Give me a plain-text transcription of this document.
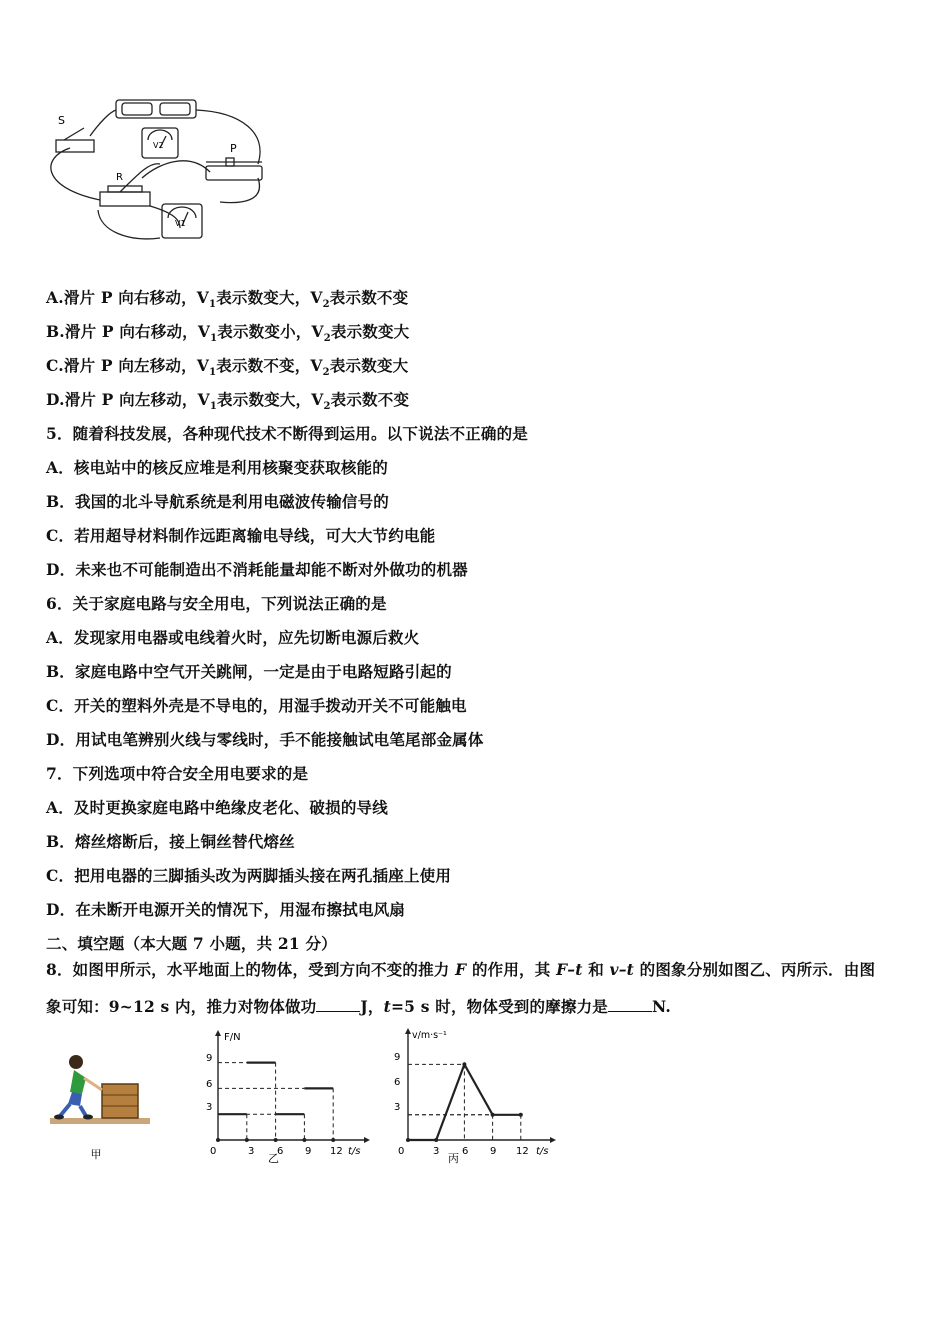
S
P
R
V2
V1
A.滑片 P 向右移动，$V_1$表示数变大，$V_2$表示数不变
B.滑片 P 向右移动，$V_1$表示数变小，$V_2$表示数变大
C.滑片 P 向左移动，$V_1$表示数不变，$V_2$表示数变大
D.滑片 P 向左移动，$V_1$表示数变大，$V_2$表示数不变
5．随着科技发展，各种现代技术不断得到运用。以下说法不正确的是
A．核电站中的核反应堆是利用核聚变获取核能的
B．我国的北斗导航系统是利用电磁波传输信号的
C．若用超导材料制作远距离输电导线，可大大节约电能
D．未来也不可能制造出不消耗能量却能不断对外做功的机器
6．关于家庭电路与安全用电，下列说法正确的是
A．发现家用电器或电线着火时，应先切断电源后救火
B．家庭电路中空气开关跳闸，一定是由于电路短路引起的
C．开关的塑料外壳是不导电的，用湿手拨动开关不可能触电
D．用试电笔辨别火线与零线时，手不能接触试电笔尾部金属体
7．下列选项中符合安全用电要求的是
A．及时更换家庭电路中绝缘皮老化、破损的导线
B．熔丝熔断后，接上铜丝替代熔丝
C．把用电器的三脚插头改为两脚插头接在两孔插座上使用
D．在未断开电源开关的情况下，用湿布擦拭电风扇
二、填空题（本大题 7 小题，共 21 分）
8．如图甲所示，水平地面上的物体，受到方向不变的推力 F 的作用，其 F–t 和 v–t 的图象分别如图乙、丙所示．由图
象可知：9~12 s 内，推力对物体做功	J，t=5 s 时，物体受到的摩擦力是	N.
甲
F/N
t/s
0	3 6 9 12
3
6
9
乙
v/m·s⁻¹
t/s
0	3 6 9 12
3
6
9
丙
